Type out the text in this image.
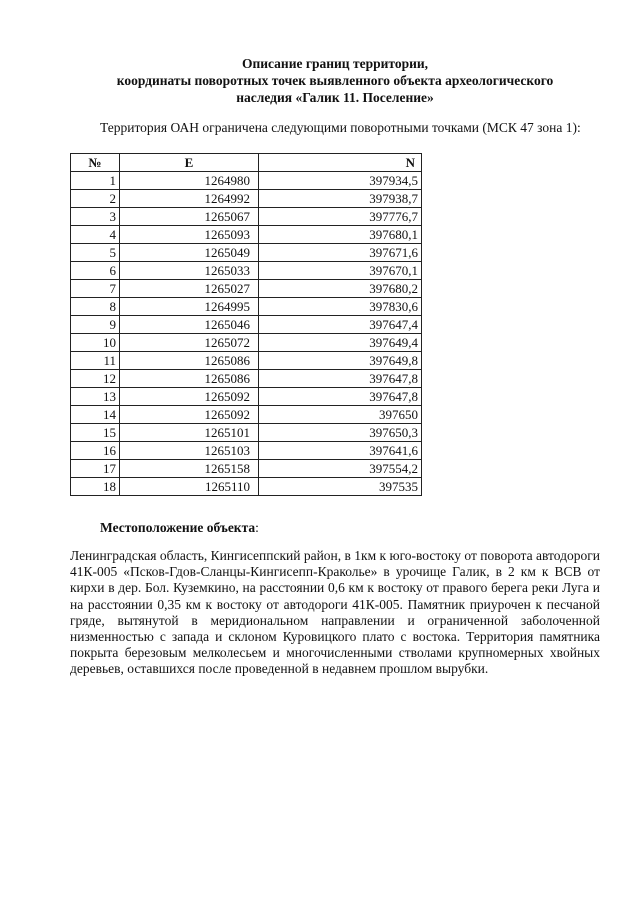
Описание границ территории,
координаты поворотных точек выявленного объекта археологического
наследия «Галик 11. Поселение»
Территория ОАН ограничена следующими поворотными точками (МСК 47 зона 1):
№	E	N
1	1264980	397934,5
2	1264992	397938,7
3	1265067	397776,7
4	1265093	397680,1
5	1265049	397671,6
6	1265033	397670,1
7	1265027	397680,2
8	1264995	397830,6
9	1265046	397647,4
10	1265072	397649,4
11	1265086	397649,8
12	1265086	397647,8
13	1265092	397647,8
14	1265092	397650
15	1265101	397650,3
16	1265103	397641,6
17	1265158	397554,2
18	1265110	397535
Местоположение объекта:
Ленинградская область, Кингисеппский район, в 1км к юго-востоку от поворота автодороги 41К-005 «Псков-Гдов-Сланцы-Кингисепп-Краколье» в урочище Галик, в 2 км к ВСВ от кирхи в дер. Бол. Куземкино, на расстоянии 0,6 км к востоку от правого берега реки Луга и на расстоянии 0,35 км к востоку от автодороги 41К-005. Памятник приурочен к песчаной гряде, вытянутой в меридиональном направлении и ограниченной заболоченной низменностью с запада и склоном Куровицкого плато с востока. Территория памятника покрыта березовым мелколесьем и многочисленными стволами крупномерных хвойных деревьев, оставшихся после проведенной в недавнем прошлом вырубки.
